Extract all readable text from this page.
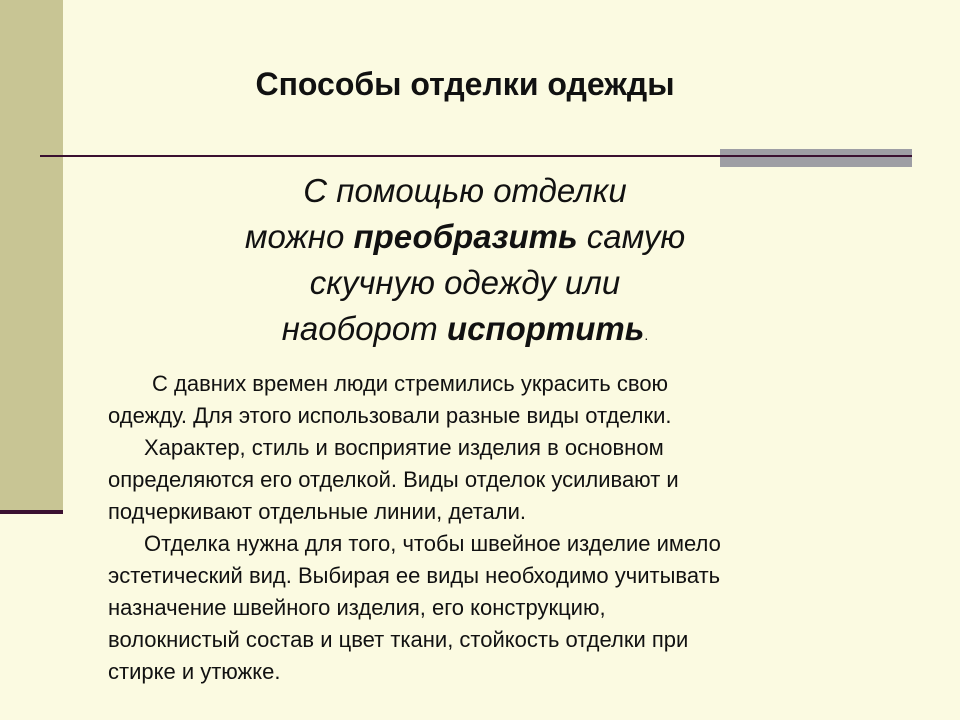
Способы отделки одежды
С помощью отделки
можно преобразить самую
скучную одежду или
наоборот испортить.

С давних времен люди стремились украсить свою

одежду. Для этого использовали разные виды отделки.

Характер, стиль и восприятие изделия в основном

определяются его отделкой. Виды отделок усиливают и

подчеркивают отдельные линии, детали.

Отделка нужна для того, чтобы швейное изделие имело

эстетический вид. Выбирая ее виды необходимо учитывать

назначение швейного изделия, его конструкцию,

волокнистый состав и цвет ткани, стойкость отделки при

стирке и утюжке.
